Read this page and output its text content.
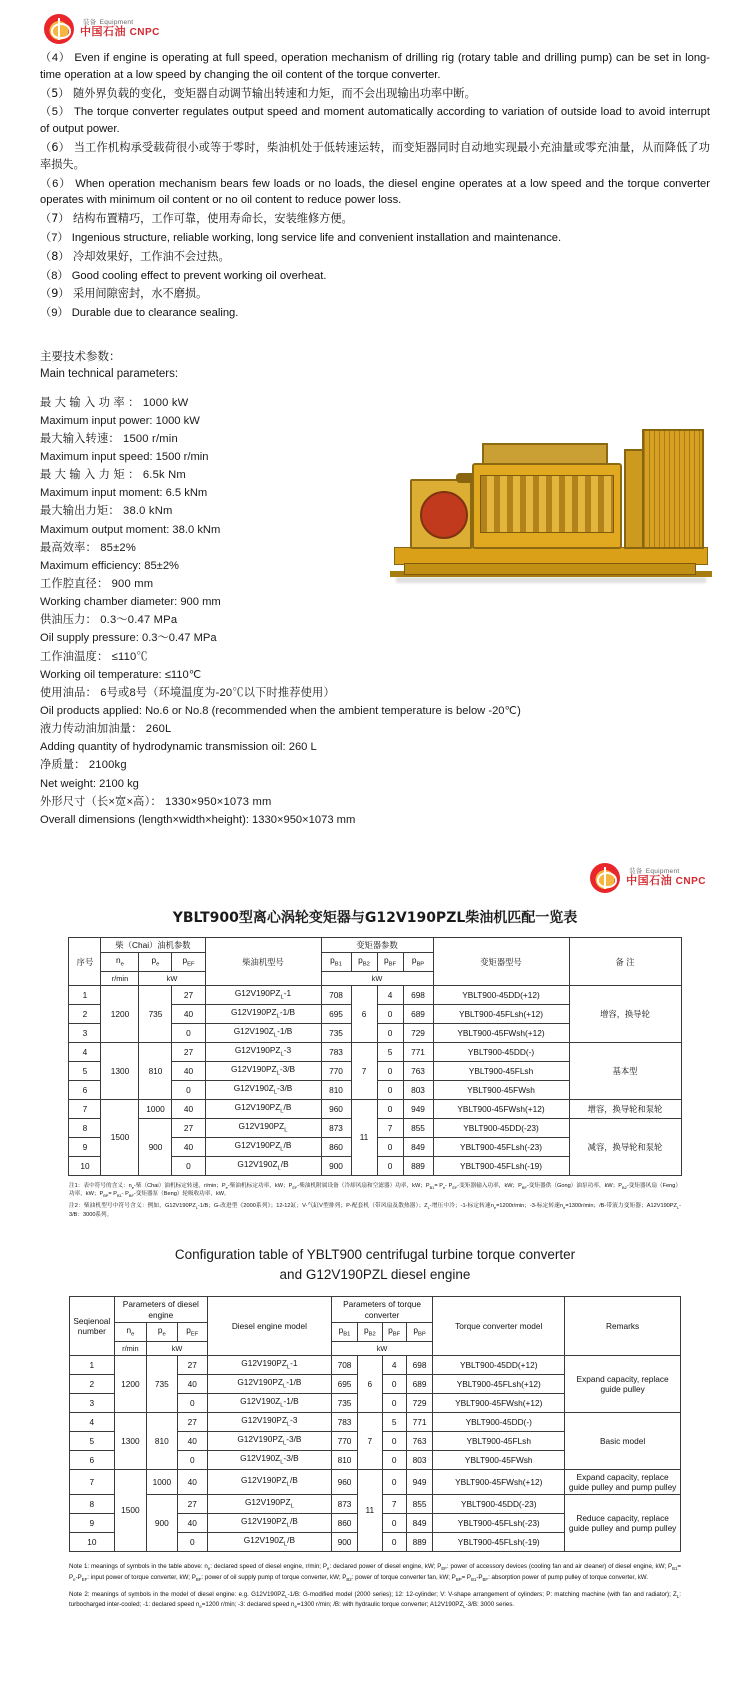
装备 Equipment
中国石油 CNPC

（4） Even if engine is operating at full speed, operation mechanism of drilling rig (rotary table and drilling pump) can be set in long-time operation at a low speed by changing the oil content of the torque converter.

（5） 随外界负载的变化，变矩器自动调节输出转速和力矩，而不会出现输出功率中断。

（5） The torque converter regulates output speed and moment automatically according to variation of outside load to avoid interrupt of output power.

（6） 当工作机构承受载荷很小或等于零时，柴油机处于低转速运转，而变矩器同时自动地实现最小充油量或零充油量，从而降低了功率损失。

（6） When operation mechanism bears few loads or no loads, the diesel engine operates at a low speed and the torque converter operates with minimum oil content or no oil content to reduce power loss.

（7） 结构布置精巧，工作可靠，使用寿命长，安装维修方便。

（7） Ingenious structure, reliable working, long service life and convenient installation and maintenance.

（8） 冷却效果好，工作油不会过热。

（8） Good cooling effect to prevent working oil overheat.

（9） 采用间隙密封，水不磨损。

（9） Durable due to clearance sealing.

主要技术参数：

Main technical parameters:

最 大 输 入 功 率 ： 1000 kW
Maximum input power: 1000 kW
最大输入转速： 1500 r/min
Maximum input speed: 1500 r/min
最 大 输 入 力 矩 ： 6.5k Nm
Maximum input moment: 6.5 kNm
最大输出力矩： 38.0 kNm
Maximum output moment: 38.0 kNm
最高效率： 85±2%
Maximum efficiency: 85±2%
工作腔直径： 900 mm
Working chamber diameter: 900 mm
供油压力： 0.3～0.47 MPa
Oil supply pressure: 0.3～0.47 MPa
工作油温度： ≤110℃
Working oil temperature: ≤110℃
使用油品： 6号或8号（环境温度为-20℃以下时推荐使用）
Oil products applied: No.6 or No.8 (recommended when the ambient temperature is below -20℃)
液力传动油加油量： 260L
Adding quantity of hydrodynamic transmission oil: 260 L
净质量： 2100kg
Net weight: 2100 kg
外形尺寸（长×宽×高）： 1330×950×1073 mm
Overall dimensions (length×width×height): 1330×950×1073 mm
装备 Equipment
中国石油 CNPC
YBLT900型离心涡轮变矩器与G12V190PZL柴油机匹配一览表
序号	柴（Chai）油机参数			柴油机型号	变矩器参数				变矩器型号	备 注
	$n_e$	$p_e$	$p_{EF}$		$p_{B1}$	$p_{B2}$	$p_{BF}$	$p_{BP}$
	r/min	kW			kW					
1	1200	735	27	$G12V190PZ_L-1$	708	6	4	698	YBLT900-45DD(+12)	增容，换导轮
2			40	$G12V190PZ_L-1/B$	695		0	689	YBLT900-45FLsh(+12)	
3			0	$G12V190Z_L-1/B$	735		0	729	YBLT900-45FWsh(+12)	
4	1300	810	27	$G12V190PZ_L-3$	783	7	5	771	YBLT900-45DD(-)	基本型
5			40	$G12V190PZ_L-3/B$	770		0	763	YBLT900-45FLsh	
6			0	$G12V190Z_L-3/B$	810		0	803	YBLT900-45FWsh	
7	1500	1000	40	$G12V190PZ_L/B$	960	11	0	949	YBLT900-45FWsh(+12)	增容，换导轮和泵轮
8		900	27	$G12V190PZ_L$	873		7	855	YBLT900-45DD(-23)	减容，换导轮和泵轮
9			40	$G12V190PZ_L/B$	860		0	849	YBLT900-45FLsh(-23)	
10			0	$G12V190Z_L/B$	900		0	889	YBLT900-45FLsh(-19)	

注1：表中符号的含义：$n_e-$柴（Chai）油机标定转速，r/min；$P_e-$柴油机标定功率，kW；$P_{EF}-$柴油机附属设备（冷却风扇和空滤器）功率，kW；$P_{B1}= P_e-$ $P_{EF}-$变矩器输入功率，kW；$P_{BF}-$变矩器供（Gong）油泵功率，kW；$P_{B2}-$变矩器风扇（Feng）功率，kW；$P_{BP}= P_{B1}-$ $P_{BF}-$变矩器泵（Beng）轮吸收功率，kW。

注2：柴油机型号中符号含义：例如，$G12V190PZ_L-1/B$；G-改进型《2000系列》；12-12缸；V-气缸V型排列；P-配套机（带风扇及散热器）；$Z_L-$增压中冷；-1-标定转速$n_e=1200r/\min$；-3-标定转速$n_e=1300r/\min$；/B-带液力变矩器；$A12V190PZ_L-3/B$：3000系列。

Configuration table of YBLT900 centrifugal turbine torque converter
and G12V190PZL diesel engine
Seqienoal number	Parameters of diesel engine			Diesel engine model	Parameters of torque converter				Torque converter model	Remarks
	$n_e$	$p_e$	$p_{EF}$		$p_{B1}$	$p_{B2}$	$p_{BF}$	$p_{BP}$
	r/min	kW			kW					
1	1200	735	27	$G12V190PZ_L-1$	708	6	4	698	YBLT900-45DD(+12)	Expand capacity, replace guide pulley
2			40	$G12V190PZ_L-1/B$	695		0	689	YBLT900-45FLsh(+12)	
3			0	$G12V190Z_L-1/B$	735		0	729	YBLT900-45FWsh(+12)	
4	1300	810	27	$G12V190PZ_L-3$	783	7	5	771	YBLT900-45DD(-)	Basic model
5			40	$G12V190PZ_L-3/B$	770		0	763	YBLT900-45FLsh	
6			0	$G12V190Z_L-3/B$	810		0	803	YBLT900-45FWsh	
7	1500	1000	40	$G12V190PZ_L/B$	960	11	0	949	YBLT900-45FWsh(+12)	Expand capacity, replace guide pulley and pump pulley
8		900	27	$G12V190PZ_L$	873		7	855	YBLT900-45DD(-23)	Reduce capacity, replace guide pulley and pump pulley
9			40	$G12V190PZ_L/B$	860		0	849	YBLT900-45FLsh(-23)	
10			0	$G12V190Z_L/B$	900		0	889	YBLT900-45FLsh(-19)	

Note 1: meanings of symbols in the table above: $n_e$: declared speed of diesel engine, r/min; $P_e$: declared power of diesel engine, kW; $P_{EF}$: power of accessory devices (cooling fan and air cleaner) of diesel engine, kW; $P_{B1}= P_e-P_{EF}$: input power of torque converter, kW; $P_{BF}$: power of oil supply pump of torque converter, kW; $P_{B2}$: power of torque converter fan, kW; $P_{BP}= P_{B1}-P_{BF}$: absorption power of pump pulley of torque converter, kW.

Note 2: meanings of symbols in the model of diesel engine: e.g. $G12V190PZ_L-1/B$: G-modified model (2000 series); 12: 12-cylinder; V: V-shape arrangement of cylinders; P: matching machine (with fan and radiator); $Z_L$: turbocharged inter-cooled; -1: declared speed $n_e=1200$ r/min; -3: declared speed $n_e=1300$ r/min; /B: with hydraulic torque converter; $A12V190PZ_L-3/B$: 3000 series.
